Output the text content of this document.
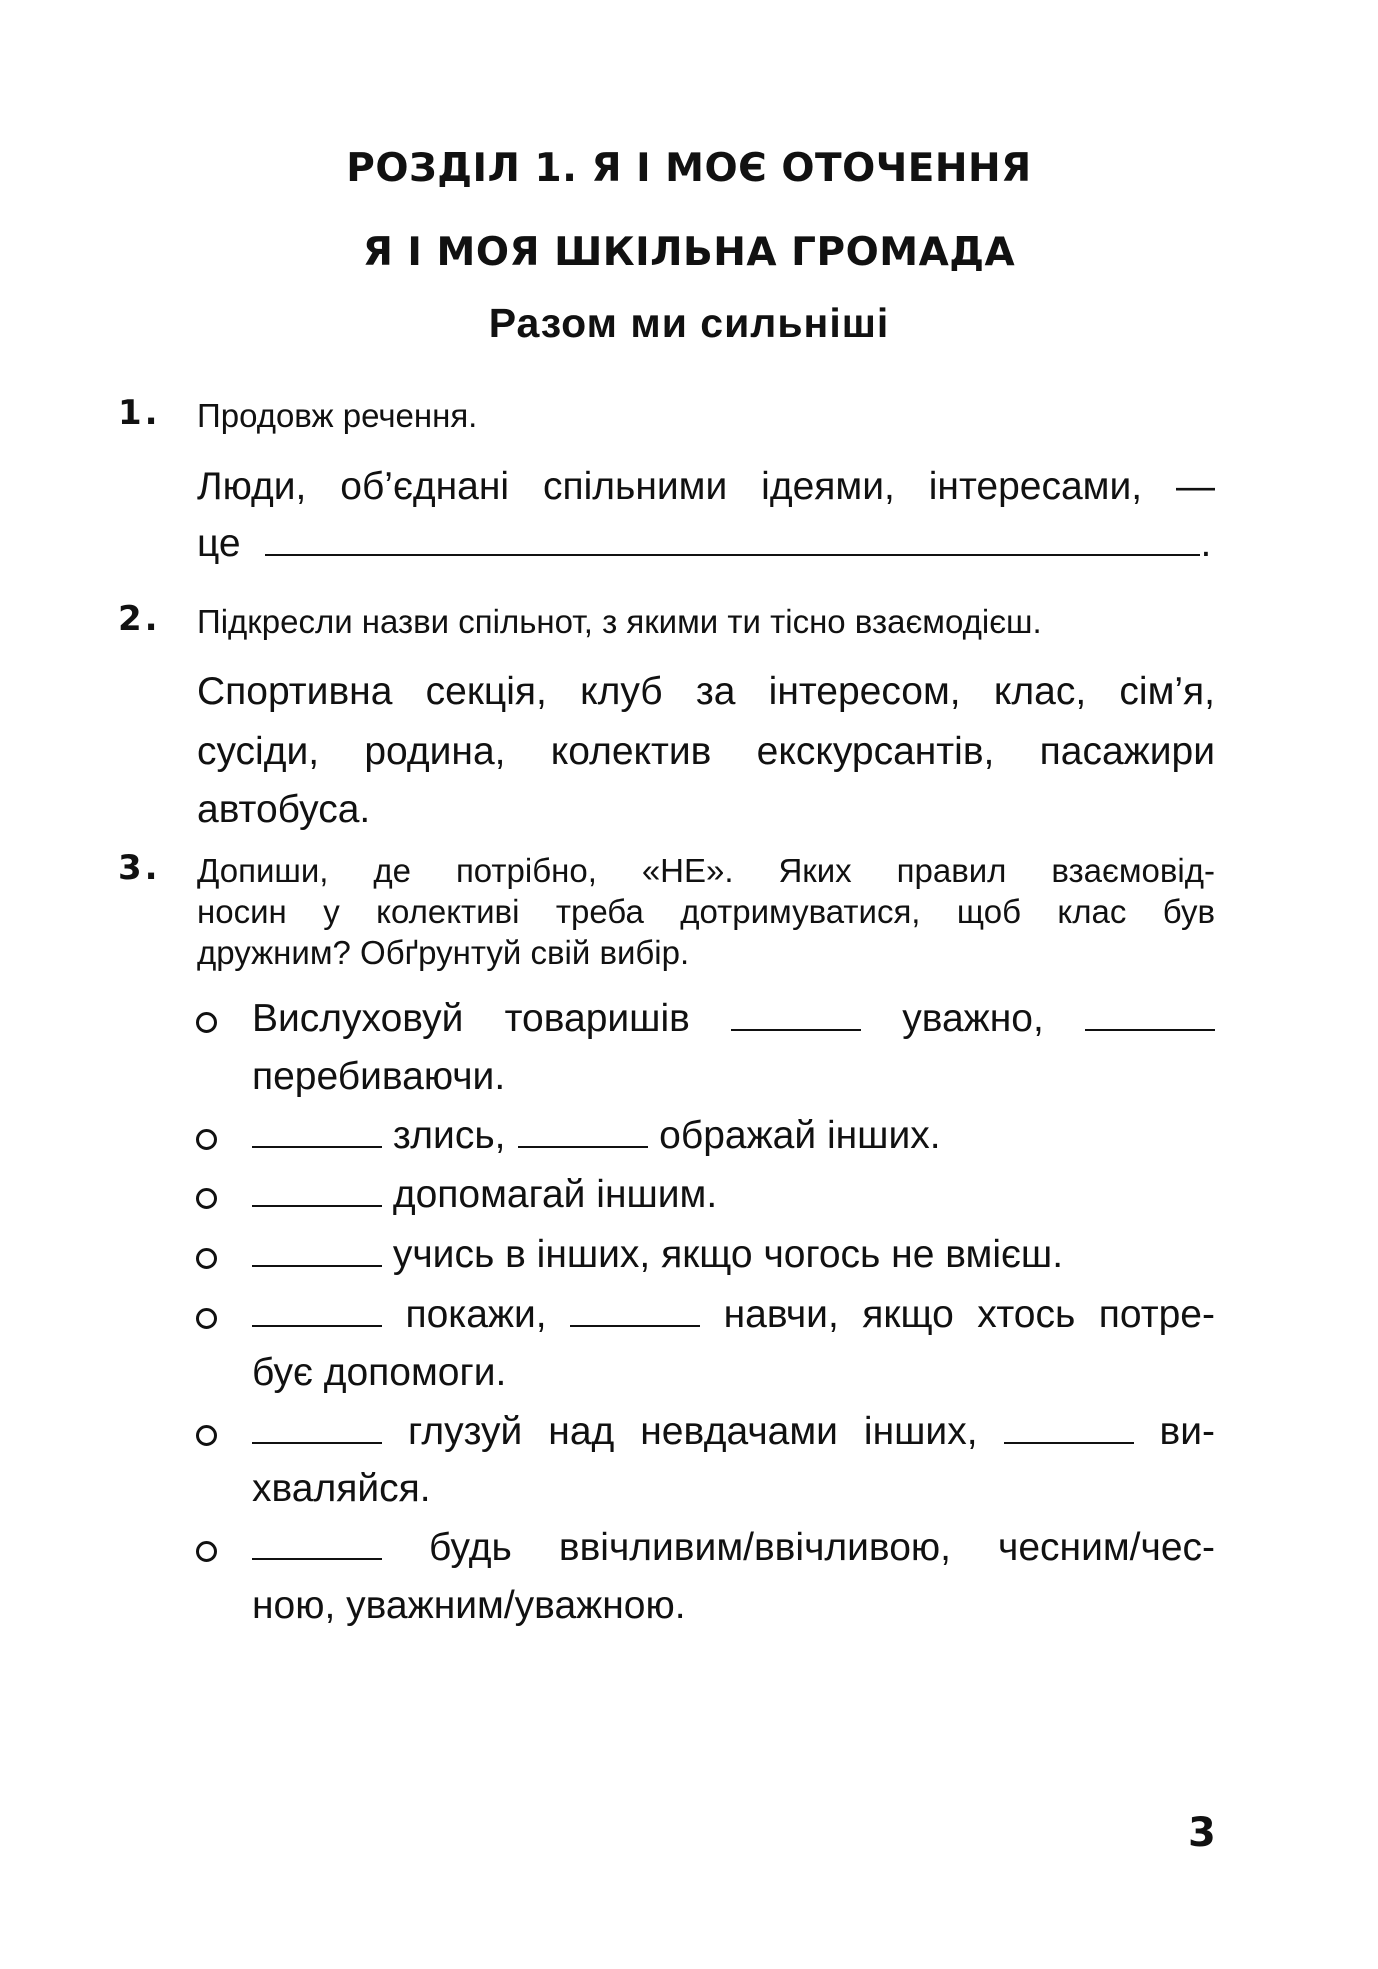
РОЗДІЛ 1. Я І МОЄ ОТОЧЕННЯ
Я І МОЯ ШКІЛЬНА ГРОМАДА
Разом ми сильніші
1. Продовж речення.
Люди, об’єднані спільними ідеями, інтересами, —
це	.
2. Підкресли назви спільнот, з якими ти тісно взаємодієш.
Спортивна секція, клуб за інтересом, клас, сім’я,
сусіди, родина, колектив екскурсантів, пасажири
автобуса.
3. Допиши, де потрібно, «НЕ». Яких правил взаємовід-
носин у колективі треба дотримуватися, щоб клас був
дружним? Обґрунтуй свій вибір.
Вислуховуй товаришів	уважно,
перебиваючи.
злись,	ображай інших.
допомагай іншим.
учись в інших, якщо чогось не вмієш.
покажи,	навчи, якщо хтось потре-
бує допомоги.
глузуй над невдачами інших,	ви-
хваляйся.
будь ввічливим/ввічливою, чесним/чес-
ною, уважним/уважною.
3
